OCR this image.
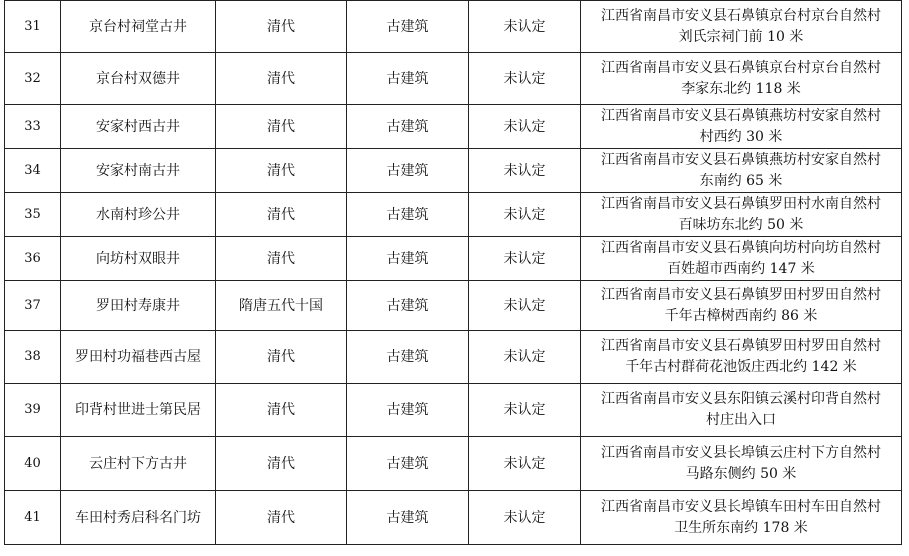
31	京台村祠堂古井	清代	古建筑	未认定	江西省南昌市安义县石鼻镇京台村京台自然村
刘氏宗祠门前 10 米

32	京台村双德井	清代	古建筑	未认定	江西省南昌市安义县石鼻镇京台村京台自然村
李家东北约 118 米

33	安家村西古井	清代	古建筑	未认定	江西省南昌市安义县石鼻镇燕坊村安家自然村
村西约 30 米

34	安家村南古井	清代	古建筑	未认定	江西省南昌市安义县石鼻镇燕坊村安家自然村
东南约 65 米

35	水南村珍公井	清代	古建筑	未认定	江西省南昌市安义县石鼻镇罗田村水南自然村
百味坊东北约 50 米

36	向坊村双眼井	清代	古建筑	未认定	江西省南昌市安义县石鼻镇向坊村向坊自然村
百姓超市西南约 147 米

37	罗田村寿康井	隋唐五代十国	古建筑	未认定	江西省南昌市安义县石鼻镇罗田村罗田自然村
千年古樟树西南约 86 米

38	罗田村功福巷西古屋	清代	古建筑	未认定	江西省南昌市安义县石鼻镇罗田村罗田自然村
千年古村群荷花池饭庄西北约 142 米

39	印背村世进士第民居	清代	古建筑	未认定	江西省南昌市安义县东阳镇云溪村印背自然村
村庄出入口

40	云庄村下方古井	清代	古建筑	未认定	江西省南昌市安义县长埠镇云庄村下方自然村
马路东侧约 50 米

41	车田村秀启科名门坊	清代	古建筑	未认定	江西省南昌市安义县长埠镇车田村车田自然村
卫生所东南约 178 米
